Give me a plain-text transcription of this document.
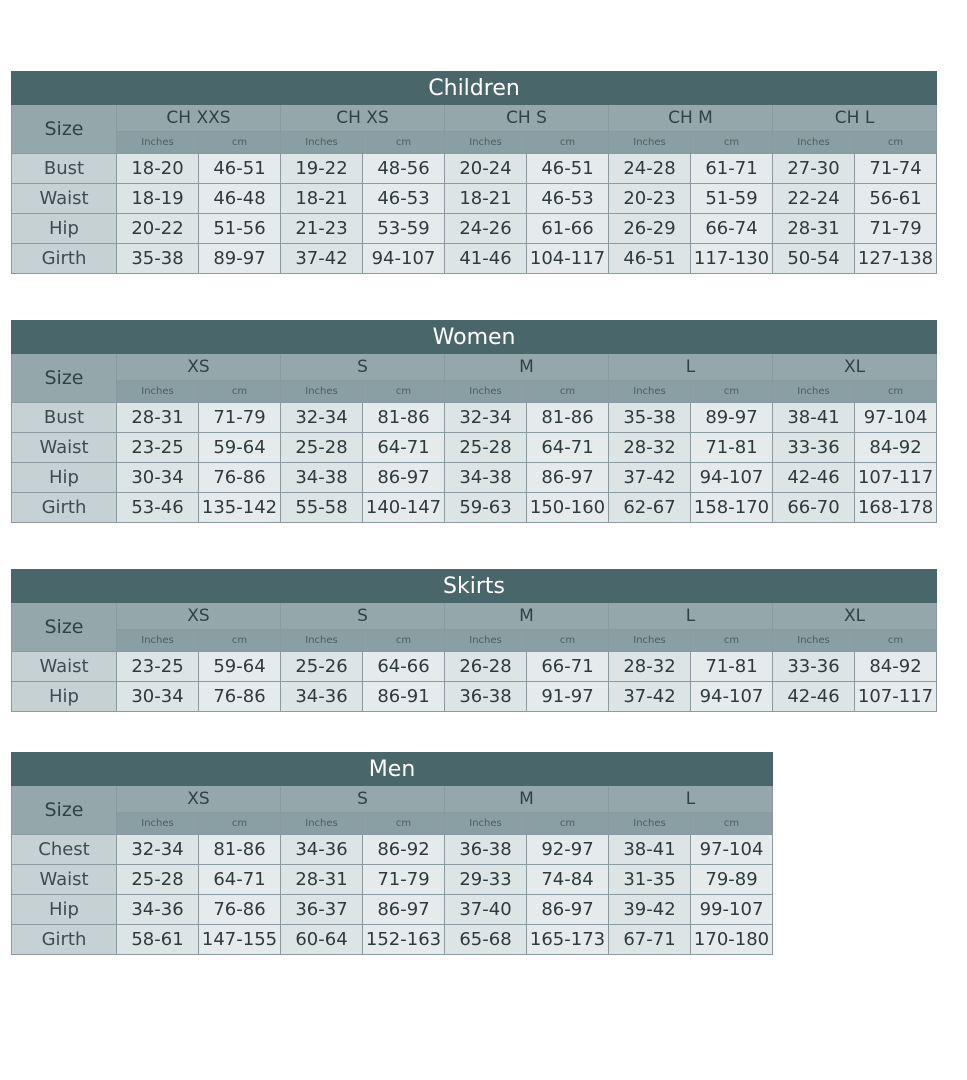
Children										
Size	CH XXS		CH XS		CH S		CH M		CH L	
	Inches	cm	Inches	cm	Inches	cm	Inches	cm	Inches	cm
Bust	18-20	46-51	19-22	48-56	20-24	46-51	24-28	61-71	27-30	71-74
Waist	18-19	46-48	18-21	46-53	18-21	46-53	20-23	51-59	22-24	56-61
Hip	20-22	51-56	21-23	53-59	24-26	61-66	26-29	66-74	28-31	71-79
Girth	35-38	89-97	37-42	94-107	41-46	104-117	46-51	117-130	50-54	127-138
Women										
Size	XS		S		M		L		XL	
	Inches	cm	Inches	cm	Inches	cm	Inches	cm	Inches	cm
Bust	28-31	71-79	32-34	81-86	32-34	81-86	35-38	89-97	38-41	97-104
Waist	23-25	59-64	25-28	64-71	25-28	64-71	28-32	71-81	33-36	84-92
Hip	30-34	76-86	34-38	86-97	34-38	86-97	37-42	94-107	42-46	107-117
Girth	53-46	135-142	55-58	140-147	59-63	150-160	62-67	158-170	66-70	168-178
Skirts										
Size	XS		S		M		L		XL	
	Inches	cm	Inches	cm	Inches	cm	Inches	cm	Inches	cm
Waist	23-25	59-64	25-26	64-66	26-28	66-71	28-32	71-81	33-36	84-92
Hip	30-34	76-86	34-36	86-91	36-38	91-97	37-42	94-107	42-46	107-117
Men								
Size	XS		S		M		L	
	Inches	cm	Inches	cm	Inches	cm	Inches	cm
Chest	32-34	81-86	34-36	86-92	36-38	92-97	38-41	97-104
Waist	25-28	64-71	28-31	71-79	29-33	74-84	31-35	79-89
Hip	34-36	76-86	36-37	86-97	37-40	86-97	39-42	99-107
Girth	58-61	147-155	60-64	152-163	65-68	165-173	67-71	170-180
